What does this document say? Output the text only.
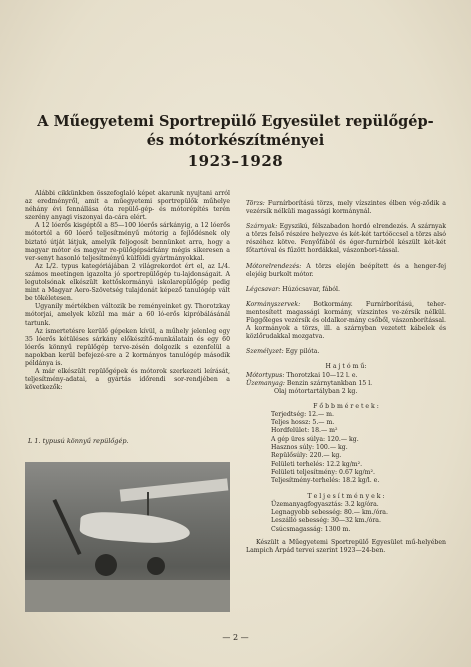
A Műegyetemi Sportrepülő Egyesület repülőgép-
és mótorkészítményei
1923–1928

Alábbi cikkünkben összefoglaló képet akarunk nyujtani arról az eredményről, amit a műegyetemi sportrepülők műhelye néhány évi fennállása óta repülő-gép- és mótorépítés terén szerény anyagi viszonyai da-cára elért.

A 12 lóerős kisgéptől a 85—100 lóerős sárkányig, a 12 lóerős mótortól a 60 lóerő teljesítményű mótorig a fejlődésnek oly biztató útját látjuk, amelyik feljogosít bennünket arra, hogy a magyar mótor és magyar re-pülőgépsárkány mégis sikeresen a ver-senyt hasonló teljesítményű külföldi gyártmányokkal.

Az L/2. typus kategóriájában 2 világrekordot ért el, az L/4. számos meetingen igazolta jó sportrepülőgép tu-lajdonságait. A legutolsónak elkészült kettőskormányú iskolarepülőgép pedig mint a Magyar Aero-Szövetség tulajdonát képező tanulógép vált be tökéletesen.

Ugyanily mértékben változik be reményeinket gy. Thorotzkay mótorjai, amelyek közül ma már a 60 ló-erős kipróbálásánál tartunk.

Az ismertetésre kerülő gépeken kívül, a műhely jelenleg egy 35 lóerős kétüléses sárkány előkészítő-munkálatain és egy 60 lóerős könnyű repülőgép terve-zésén dolgozik s ezenfelül a napokban kerül befejezé-sre a 2 kormányos tanulógép második példánya is.

A már elkészült repülőgépek és mótorok szerkezeti leírását, teljesítmény-adatai, a gyártás időrendi sor-rendjében a következők:

L 1. typusú könnyű repülőgép.
Törzs: Furnírborítású törzs, mely vízszintes élben vég-ződik a vezérsík nélküli magassági kormánynál.
Szárnyak: Egyszikú, félszabadon hordó elrendezés. A szárnyak a törzs felső részére helyezve és két-két tartóöccsel a törzs alsó részéhez kötve. Fenyőfából és éger-furnírból készült két-két főtartóval és fűzött hordákkal, vászonbori-tással.
Mótorelrendezés: A törzs elején beépített és a henger-fej elejéig burkolt mótor.
Légcsavar: Húzócsavar, fából.
Kormányszervek: Botkormány. Furnírborítású, teher-mentesített magassági kormány, vízszintes ve-zérsík nélkül. Függőleges vezérsík és oldalkor-mány csőből, vászonborítással. A kormányok a törzs, ill. a szárnyban vezetett kábelek és közlőrudakkal mozgatva.
Személyzet: Egy pilóta.
H a j t ó m ű:
Mótortypus: Thorotzkai 10—12 l. e.
Üzemanyag: Benzin szárnytankban 15 l.
Olaj mótortartályban 2 kg.
F ő b b m é r e t e k :
Terjedtség: 12.— m.
Teljes hossz: 5.— m.
Hordfelület: 18.— m²
A gép üres súlya: 120.— kg.
Hasznos súly: 100.— kg.
Repülősúly: 220.— kg.
Felületi terhelés: 12.2 kg/m².
Felületi teljesítmény: 0.67 kg/m².
Teljesítmény-terhelés: 18.2 kg/l. e.
T e l j e s í t m é n y e k :
Üzemanyagfogyasztás: 3.2 kg/óra.
Legnagyobb sebesség: 80.— km./óra.
Leszálló sebesség: 30—32 km./óra.
Csúcsmagasság: 1300 m.
Készült a Műegyetemi Sportrepülő Egyesület mű-helyében Lampich Árpád tervei szerint 1923—24-ben.
— 2 —
